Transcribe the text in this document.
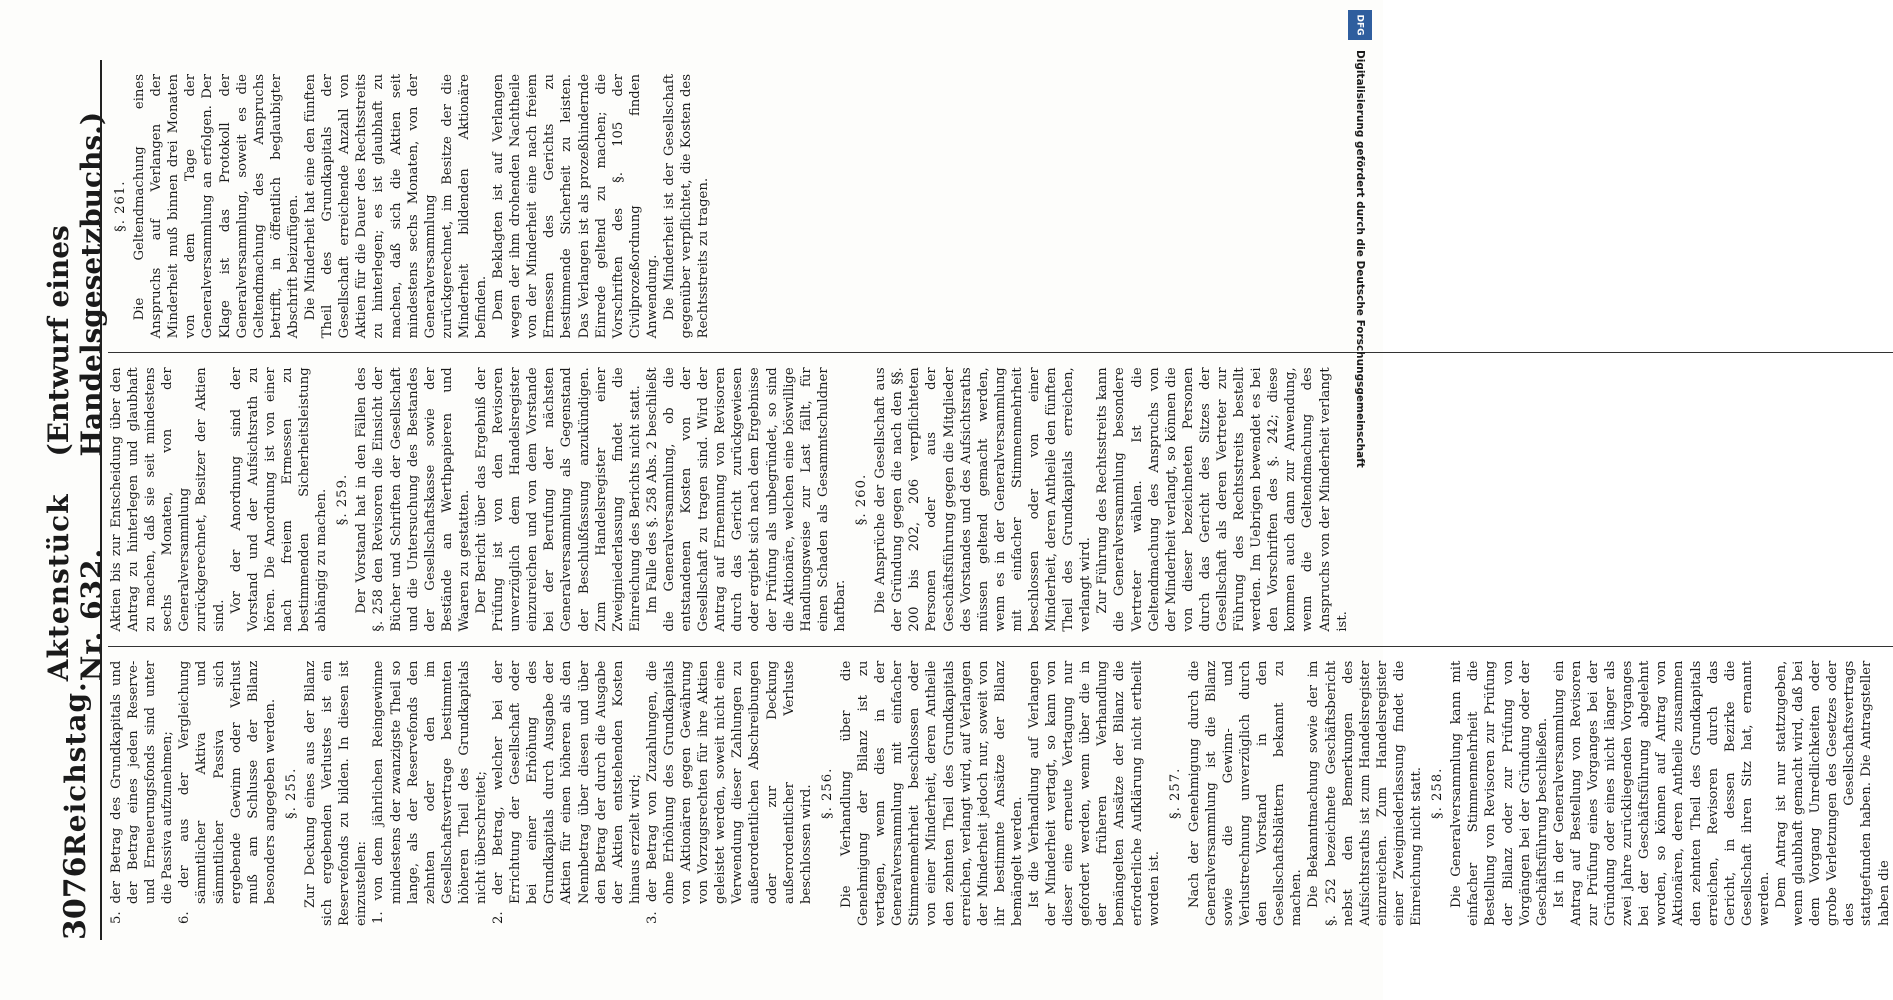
3076
Reichstag.
Aktenstück Nr. 632.
(Entwurf eines Handelsgesetzbuchs.)

5. der Betrag des Grundkapitals und der Betrag eines jeden Reserve- und Erneuerungsfonds sind unter die Passiva aufzunehmen; 6. der aus der Vergleichung sämmtlicher Aktiva und sämmtlicher Passiva sich ergebende Gewinn oder Verlust muß am Schlusse der Bilanz besonders angegeben werden. §. 255. Zur Deckung eines aus der Bilanz sich ergebenden Verlustes ist ein Reservefonds zu bilden. In diesen ist einzustellen: 1. von dem jährlichen Reingewinne mindestens der zwanzigste Theil so lange, als der Reservefonds den zehnten oder den im Gesellschaftsvertrage bestimmten höheren Theil des Grundkapitals nicht überschreitet; 2. der Betrag, welcher bei der Errichtung der Gesellschaft oder bei einer Erhöhung des Grundkapitals durch Ausgabe der Aktien für einen höheren als den Nennbetrag über diesen und über den Betrag der durch die Ausgabe der Aktien entstehenden Kosten hinaus erzielt wird; 3. der Betrag von Zuzahlungen, die ohne Erhöhung des Grundkapitals von Aktionären gegen Gewährung von Vorzugsrechten für ihre Aktien geleistet werden, soweit nicht eine Verwendung dieser Zahlungen zu außerordentlichen Abschreibungen oder zur Deckung außerordentlicher Verluste beschlossen wird. §. 256. Die Verhandlung über die Genehmigung der Bilanz ist zu vertagen, wenn dies in der Generalversammlung mit einfacher Stimmenmehrheit beschlossen oder von einer Minderheit, deren Antheile den zehnten Theil des Grundkapitals erreichen, verlangt wird, auf Verlangen der Minderheit jedoch nur, soweit von ihr bestimmte Ansätze der Bilanz bemängelt werden. Ist die Verhandlung auf Verlangen der Minderheit vertagt, so kann von dieser eine erneute Vertagung nur gefordert werden, wenn über die in der früheren Verhandlung bemängelten Ansätze der Bilanz die erforderliche Aufklärung nicht ertheilt worden ist.

§. 257. Nach der Genehmigung durch die Generalversammlung ist die Bilanz sowie die Gewinn- und Verlustrechnung unverzüglich durch den Vorstand in den Gesellschaftsblättern bekannt zu machen. Die Bekanntmachung sowie der im §. 252 bezeichnete Geschäftsbericht nebst den Bemerkungen des Aufsichtsraths ist zum Handelsregister einzureichen. Zum Handelsregister einer Zweigniederlassung findet die Einreichung nicht statt. §. 258. Die Generalversammlung kann mit einfacher Stimmenmehrheit die Bestellung von Revisoren zur Prüfung der Bilanz oder zur Prüfung von Vorgängen bei der Gründung oder der Geschäftsführung beschließen. Ist in der Generalversammlung ein Antrag auf Bestellung von Revisoren zur Prüfung eines Vorganges bei der Gründung oder eines nicht länger als zwei Jahre zurückliegenden Vorganges bei der Geschäftsführung abgelehnt worden, so können auf Antrag von Aktionären, deren Antheile zusammen den zehnten Theil des Grundkapitals erreichen, Revisoren durch das Gericht, in dessen Bezirke die Gesellschaft ihren Sitz hat, ernannt werden. Dem Antrag ist nur stattzugeben, wenn glaubhaft gemacht wird, daß bei dem Vorgang Unredlichkeiten oder grobe Verletzungen des Gesetzes oder des Gesellschaftsvertrags stattgefunden haben. Die Antragsteller haben die

Aktien bis zur Entscheidung über den Antrag zu hinterlegen und glaubhaft zu machen, daß sie seit mindestens sechs Monaten, von der Generalversammlung zurückgerechnet, Besitzer der Aktien sind.

Vor der Anordnung sind der Vorstand und der Aufsichtsrath zu hören. Die Anordnung ist von einer nach freiem Ermessen zu bestimmenden Sicherheitsleistung abhängig zu machen. §. 259. Der Vorstand hat in den Fällen des §. 258 den Revisoren die Einsicht der Bücher und Schriften der Gesellschaft und die Untersuchung des Bestandes der Gesellschaftskasse sowie der Bestände an Werthpapieren und Waaren zu gestatten. Der Bericht über das Ergebniß der Prüfung ist von den Revisoren unverzüglich dem Handelsregister einzureichen und von dem Vorstande bei der Berufung der nächsten Generalversammlung als Gegenstand der Beschlußfassung anzukündigen. Zum Handelsregister einer Zweigniederlassung findet die Einreichung des Berichts nicht statt. Im Falle des §. 258 Abs. 2 beschließt die Generalversammlung, ob die entstandenen Kosten von der Gesellschaft zu tragen sind. Wird der Antrag auf Ernennung von Revisoren durch das Gericht zurückgewiesen oder ergiebt sich nach dem Ergebnisse der Prüfung als unbegründet, so sind die Aktionäre, welchen eine böswillige Handlungsweise zur Last fällt, für einen Schaden als Gesammtschuldner haftbar.

§. 260. Die Ansprüche der Gesellschaft aus der Gründung gegen die nach den §§. 200 bis 202, 206 verpflichteten Personen oder aus der Geschäftsführung gegen die Mitglieder des Vorstandes und des Aufsichtsraths müssen geltend gemacht werden, wenn es in der Generalversammlung mit einfacher Stimmenmehrheit beschlossen oder von einer Minderheit, deren Antheile den fünften Theil des Grundkapitals erreichen, verlangt wird. Zur Führung des Rechtsstreits kann die Generalversammlung besondere Vertreter wählen. Ist die Geltendmachung des Anspruchs von der Minderheit verlangt, so können die von dieser bezeichneten Personen durch das Gericht des Sitzes der Gesellschaft als deren Vertreter zur Führung des Rechtsstreits bestellt werden. Im Uebrigen bewendet es bei den Vorschriften des §. 242; diese kommen auch dann zur Anwendung, wenn die Geltendmachung des Anspruchs von der Minderheit verlangt ist.

§. 261. Die Geltendmachung eines Anspruchs auf Verlangen der Minderheit muß binnen drei Monaten von dem Tage der Generalversammlung an erfolgen. Der Klage ist das Protokoll der Generalversammlung, soweit es die Geltendmachung des Anspruchs betrifft, in öffentlich beglaubigter Abschrift beizufügen. Die Minderheit hat eine den fünften Theil des Grundkapitals der Gesellschaft erreichende Anzahl von Aktien für die Dauer des Rechtsstreits zu hinterlegen; es ist glaubhaft zu machen, daß sich die Aktien seit mindestens sechs Monaten, von der Generalversammlung zurückgerechnet, im Besitze der die Minderheit bildenden Aktionäre befinden. Dem Beklagten ist auf Verlangen wegen der ihm drohenden Nachtheile von der Minderheit eine nach freiem Ermessen des Gerichts zu bestimmende Sicherheit zu leisten. Das Verlangen ist als prozeßhindernde Einrede geltend zu machen; die Vorschriften des §. 105 der Civilprozeßordnung finden Anwendung. Die Minderheit ist der Gesellschaft gegenüber verpflichtet, die Kosten des Rechtsstreits zu tragen.

DFG
Digitalisierung gefördert durch die Deutsche Forschungsgemeinschaft
